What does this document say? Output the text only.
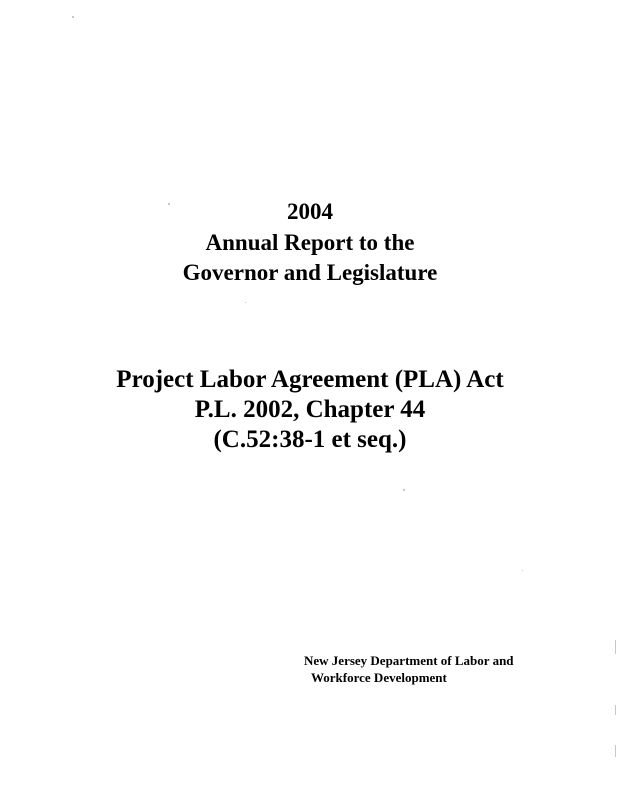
2004
Annual Report to the
Governor and Legislature
Project Labor Agreement (PLA) Act
P.L. 2002, Chapter 44
(C.52:38-1 et seq.)
New Jersey Department of Labor and
Workforce Development
